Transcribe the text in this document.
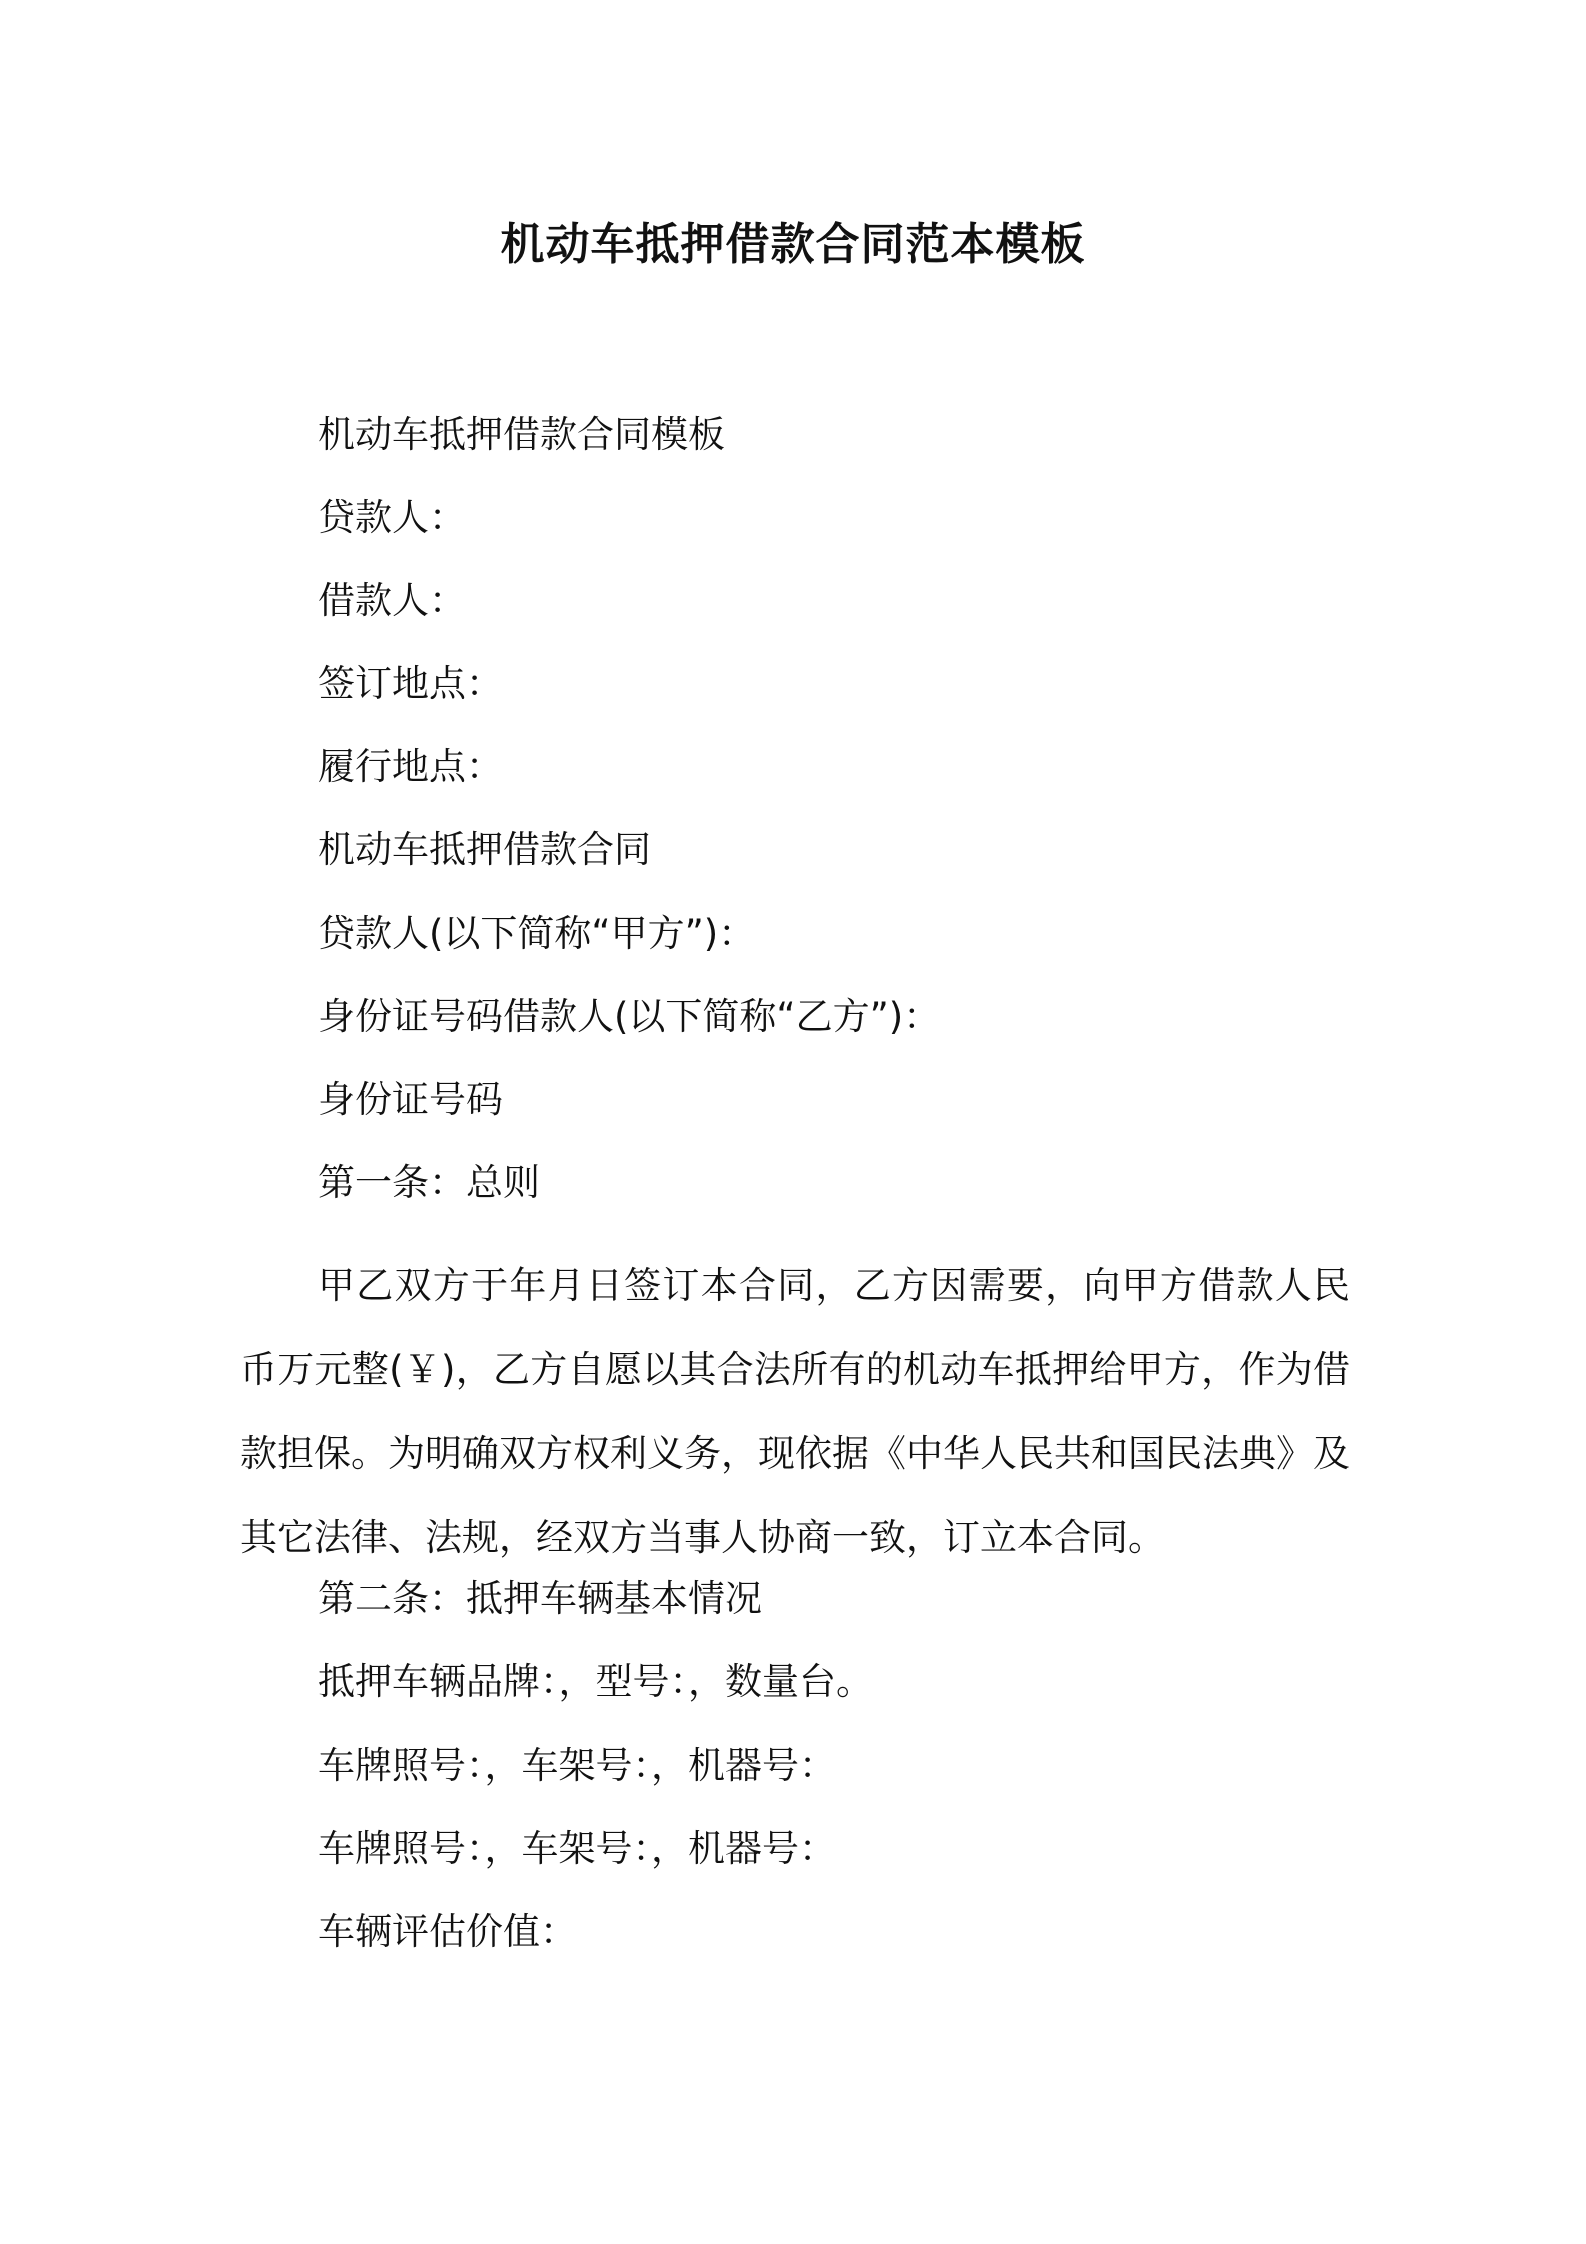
机动车抵押借款合同范本模板
机动车抵押借款合同模板
贷款人：
借款人：
签订地点：
履行地点：
机动车抵押借款合同
贷款人(以下简称“甲方”)：
身份证号码借款人(以下简称“乙方”)：
身份证号码
第一条：总则
甲乙双方于年月日签订本合同，乙方因需要，向甲方借款人民币万元整(￥)，乙方自愿以其合法所有的机动车抵押给甲方，作为借款担保。为明确双方权利义务，现依据《中华人民共和国民法典》及其它法律、法规，经双方当事人协商一致，订立本合同。
第二条：抵押车辆基本情况
抵押车辆品牌：，型号：，数量台。
车牌照号：，车架号：，机器号：
车牌照号：，车架号：，机器号：
车辆评估价值：
